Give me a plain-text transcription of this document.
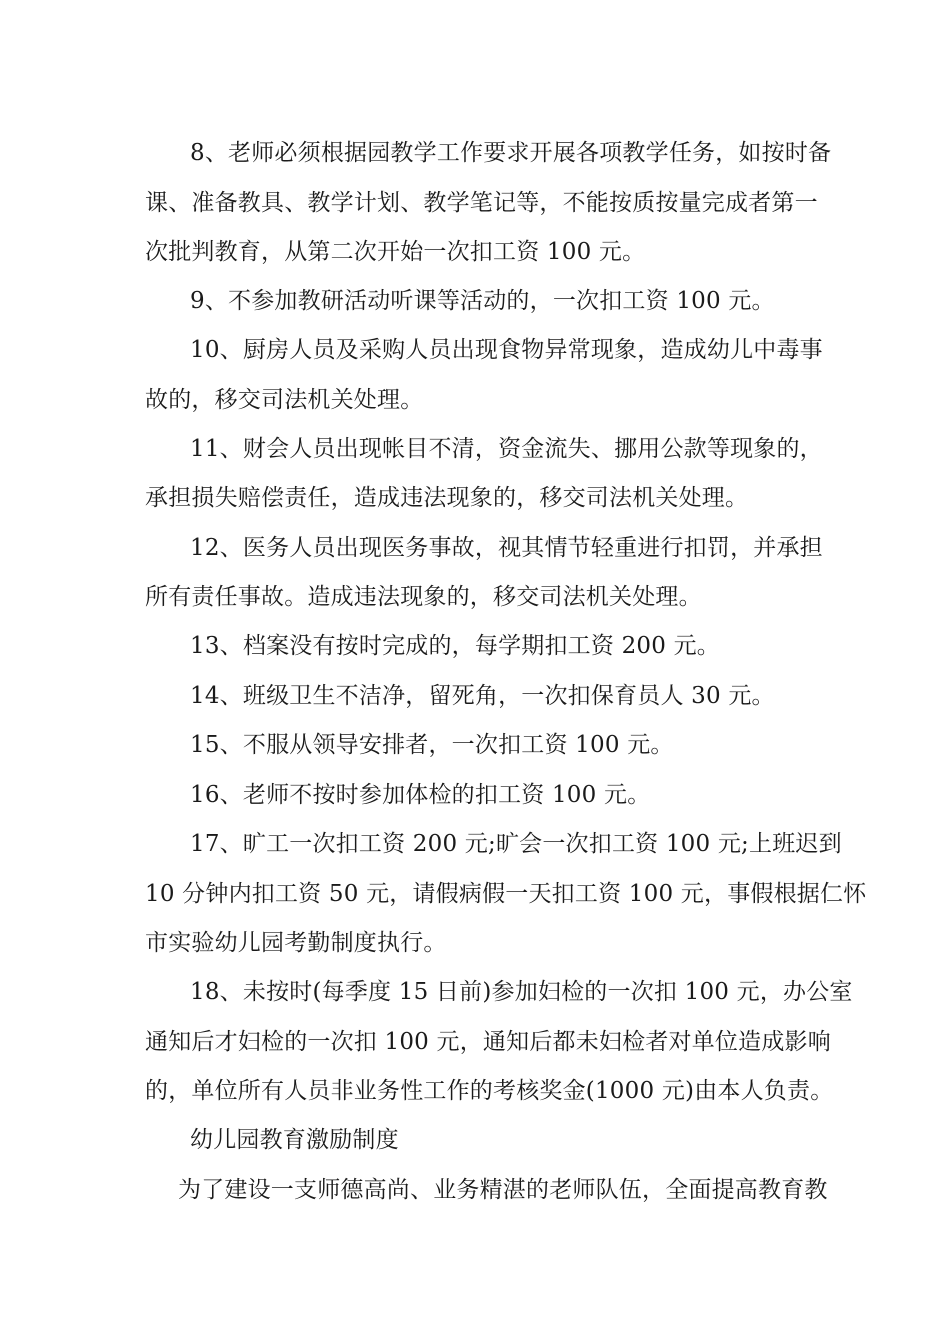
8、老师必须根据园教学工作要求开展各项教学任务，如按时备
课、准备教具、教学计划、教学笔记等，不能按质按量完成者第一
次批判教育，从第二次开始一次扣工资 100 元。
9、不参加教研活动听课等活动的，一次扣工资 100 元。
10、厨房人员及采购人员出现食物异常现象，造成幼儿中毒事
故的，移交司法机关处理。
11、财会人员出现帐目不清，资金流失、挪用公款等现象的，
承担损失赔偿责任，造成违法现象的，移交司法机关处理。
12、医务人员出现医务事故，视其情节轻重进行扣罚，并承担
所有责任事故。造成违法现象的，移交司法机关处理。
13、档案没有按时完成的，每学期扣工资 200 元。
14、班级卫生不洁净，留死角，一次扣保育员人 30 元。
15、不服从领导安排者，一次扣工资 100 元。
16、老师不按时参加体检的扣工资 100 元。
17、旷工一次扣工资 200 元;旷会一次扣工资 100 元;上班迟到
10 分钟内扣工资 50 元，请假病假一天扣工资 100 元，事假根据仁怀
市实验幼儿园考勤制度执行。
18、未按时(每季度 15 日前)参加妇检的一次扣 100 元，办公室
通知后才妇检的一次扣 100 元，通知后都未妇检者对单位造成影响
的，单位所有人员非业务性工作的考核奖金(1000 元)由本人负责。
幼儿园教育激励制度
为了建设一支师德高尚、业务精湛的老师队伍，全面提高教育教
